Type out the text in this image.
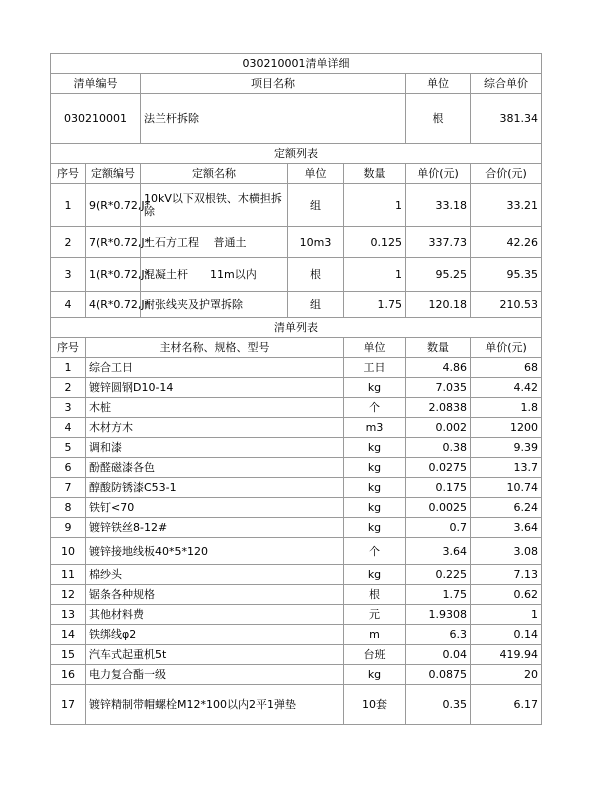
030210001清单详细							
清单编号		项目名称			单位	综合单价	
030210001		法兰杆拆除			根	381.34	
定额列表							
序号	定额编号	定额名称	单位	数量	单价(元)	合价(元)	
1	9(R*0.72,J*	10kV以下双根铁、木横担拆除	组	1	33.18	33.21	
2	7(R*0.72,J*	土石方工程　 普通土	10m3	0.125	337.73	42.26	
3	1(R*0.72,J*	混凝土杆　　11m以内	根	1	95.25	95.35	
4	4(R*0.72,J*	耐张线夹及护罩拆除	组	1.75	120.18	210.53	
清单列表							
序号	主材名称、规格、型号			单位	数量	单价(元)	
1	综合工日			工日	4.86	68	
2	镀锌圆钢D10-14			kg	7.035	4.42	
3	木桩			个	2.0838	1.8	
4	木材方木			m3	0.002	1200	
5	调和漆			kg	0.38	9.39	
6	酚醛磁漆各色			kg	0.0275	13.7	
7	醇酸防锈漆C53-1			kg	0.175	10.74	
8	铁钉<70			kg	0.0025	6.24	
9	镀锌铁丝8-12#			kg	0.7	3.64	
10	镀锌接地线板40*5*120			个	3.64	3.08	
11	棉纱头			kg	0.225	7.13	
12	锯条各种规格			根	1.75	0.62	
13	其他材料费			元	1.9308	1	
14	铁绑线φ2			m	6.3	0.14	
15	汽车式起重机5t			台班	0.04	419.94	
16	电力复合酯一级			kg	0.0875	20	
17	镀锌精制带帽螺栓M12*100以内2平1弹垫			10套	0.35	6.17	
